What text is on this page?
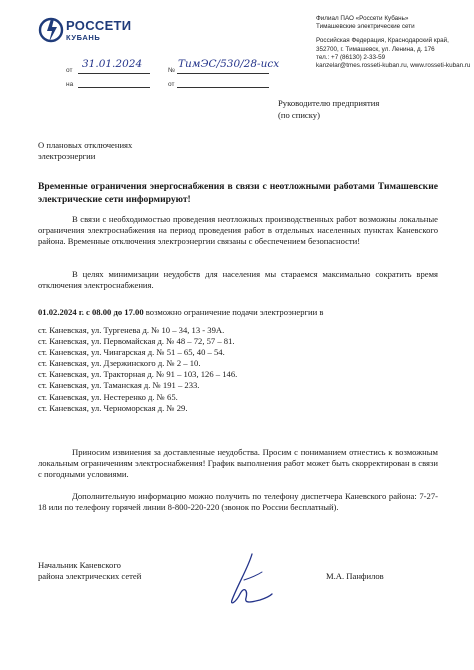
РОССЕТИ
КУБАНЬ
Филиал ПАО «Россети Кубань»
Тимашевские электрические сети
Российская Федерация, Краснодарский край,
352700, г. Тимашевск, ул. Ленина, д. 176
тел.: +7 (86130) 2-33-59
kanzelar@tmes.rosseti-kuban.ru, www.rosseti-kuban.ru
от
31.01.2024
№
ТимЭС/530/28-исх
на	от
Руководителю предприятия
(по списку)
О плановых отключениях
электроэнергии
Временные ограничения энергоснабжения в связи с неотложными работами Тимашевские электрические сети информируют!
В связи с необходимостью проведения неотложных производственных работ возможны локальные ограничения электроснабжения на период проведения работ в отдельных населенных пунктах Каневского района. Временные отключения электроэнергии связаны с обеспечением безопасности!
В целях минимизации неудобств для населения мы стараемся максимально сократить время отключения электроснабжения.
01.02.2024 г. с 08.00 до 17.00 возможно ограничение подачи электроэнергии в
ст. Каневская, ул. Тургенева д. № 10 – 34, 13 - 39А.
ст. Каневская, ул. Первомайская д. № 48 – 72, 57 – 81.
ст. Каневская, ул. Чингарская д. № 51 – 65, 40 – 54.
ст. Каневская, ул. Дзержинского д. № 2 – 10.
ст. Каневская, ул. Тракторная д. № 91 – 103, 126 – 146.
ст. Каневская, ул. Таманская д. № 191 – 233.
ст. Каневская, ул. Нестеренко д. № 65.
ст. Каневская, ул. Черноморская д. № 29.
Приносим извинения за доставленные неудобства. Просим с пониманием отнестись к возможным локальным ограничениям электроснабжения! График выполнения работ может быть скорректирован в связи с погодными условиями.
Дополнительную информацию можно получить по телефону диспетчера Каневского района: 7-27-18 или по телефону горячей линии 8-800-220-220 (звонок по России бесплатный).
Начальник Каневского
района электрических сетей	М.А. Панфилов
